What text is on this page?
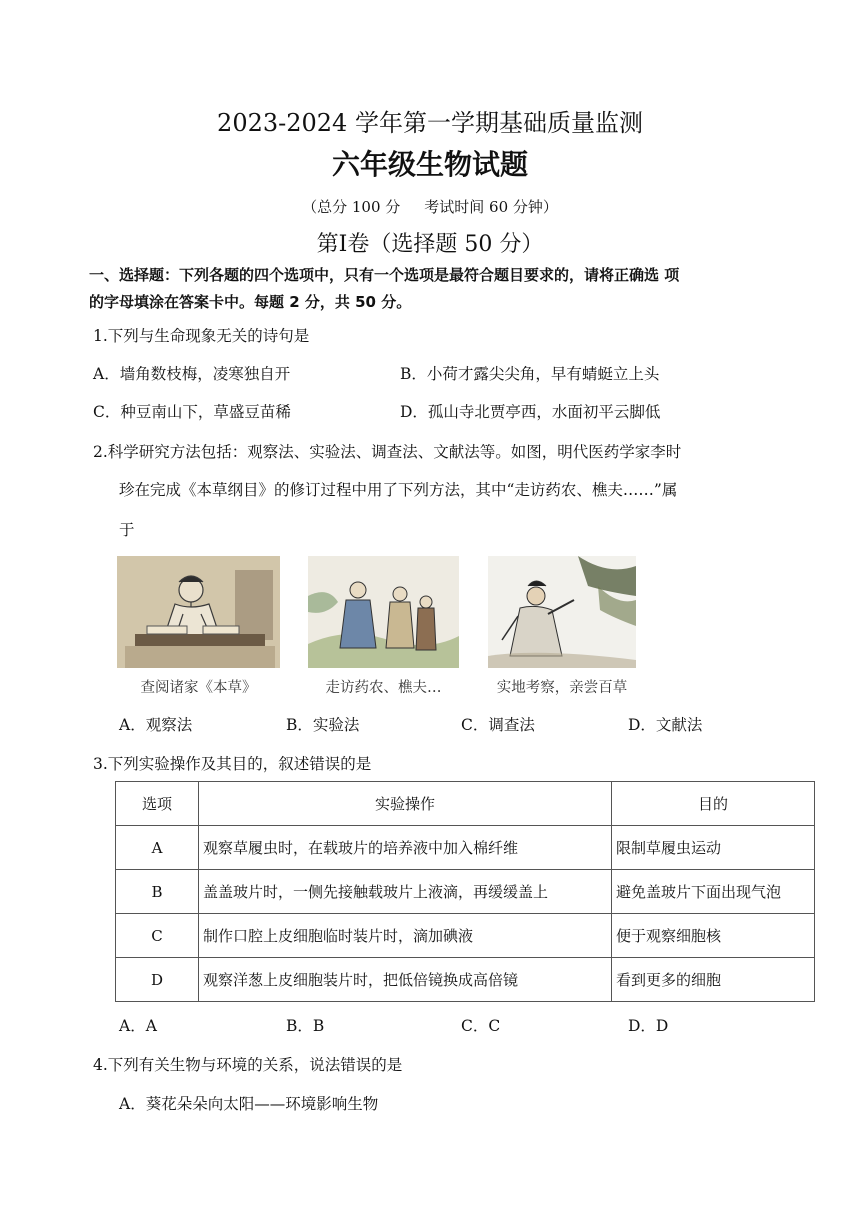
2023-2024 学年第一学期基础质量监测
六年级生物试题
（总分 100 分 考试时间 60 分钟）
第Ⅰ卷（选择题 50 分）
一、选择题：下列各题的四个选项中，只有一个选项是最符合题目要求的，请将正确选 项
的字母填涂在答案卡中。每题 2 分，共 50 分。
1.下列与生命现象无关的诗句是
A．墙角数枝梅，凌寒独自开	B．小荷才露尖尖角，早有蜻蜓立上头
C．种豆南山下，草盛豆苗稀	D．孤山寺北贾亭西，水面初平云脚低
2.科学研究方法包括：观察法、实验法、调查法、文献法等。如图，明代医药学家李时
珍在完成《本草纲目》的修订过程中用了下列方法，其中“走访药农、樵夫……”属
于
查阅诸家《本草》	走访药农、樵夫…	实地考察，亲尝百草
A．观察法	B．实验法	C．调查法	D．文献法
3.下列实验操作及其目的，叙述错误的是
选项	实验操作	目的
A	观察草履虫时，在载玻片的培养液中加入棉纤维	限制草履虫运动
B	盖盖玻片时，一侧先接触载玻片上液滴，再缓缓盖上	避免盖玻片下面出现气泡
C	制作口腔上皮细胞临时装片时，滴加碘液	便于观察细胞核
D	观察洋葱上皮细胞装片时，把低倍镜换成高倍镜	看到更多的细胞
A．A	B．B	C．C	D．D
4.下列有关生物与环境的关系，说法错误的是
A．葵花朵朵向太阳——环境影响生物
